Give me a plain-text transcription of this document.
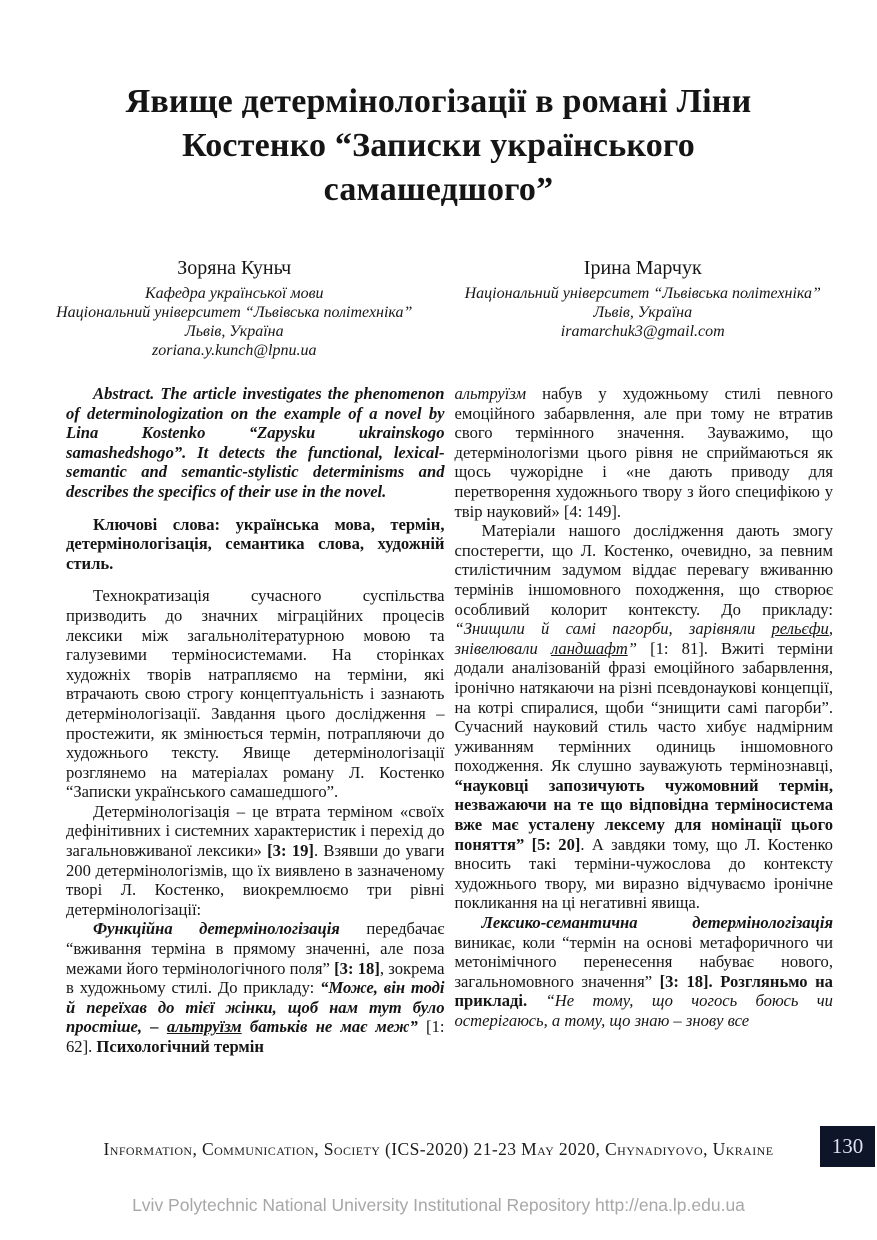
Явище детермінологізації в романі Ліни
Костенко “Записки українського
самашедшого”
Зоряна Куньч
Кафедра української мови
Національний університет “Львівська політехніка”
Львів, Україна
zoriana.y.kunch@lpnu.ua
Ірина Марчук
Національний університет “Львівська політехніка”
Львів, Україна
iramarchuk3@gmail.com

Abstract. The article investigates the phenomenon of determinologization on the example of a novel by Lina Kostenko “Zapysku ukrainskogo samashedshogo”. It detects the functional, lexical-semantic and semantic-stylistic determinisms and describes the specifics of their use in the novel.

Ключові слова: українська мова, термін, детермінологізація, семантика слова, художній стиль.

Технократизація сучасного суспільства призводить до значних міграційних процесів лексики між загальнолітературною мовою та галузевими терміносистемами. На сторінках художніх творів натрапляємо на терміни, які втрачають свою строгу концептуальність і зазнають детермінологізації. Завдання цього дослідження – простежити, як змінюється термін, потрапляючи до художнього тексту. Явище детермінологізації розглянемо на матеріалах роману Л. Костенко “Записки українського самашедшого”.

Детермінологізація – це втрата терміном «своїх дефінітивних і системних характеристик і перехід до загальновживаної лексики» [3: 19]. Взявши до уваги 200 детермінологізмів, що їх виявлено в зазначеному творі Л. Костенко, виокремлюємо три рівні детермінологізації:

Функційна детермінологізація передбачає “вживання терміна в прямому значенні, але поза межами його термінологічного поля” [3: 18], зокрема в художньому стилі. До прикладу: “Може, він тоді й переїхав до тієї жінки, щоб нам тут було простіше, – альтруїзм батьків не має меж” [1: 62]. Психологічний термін

альтруїзм набув у художньому стилі певного емоційного забарвлення, але при тому не втратив свого термінного значення. Зауважимо, що детермінологізми цього рівня не сприймаються як щось чужорідне і «не дають приводу для перетворення художнього твору з його специфікою у твір науковий» [4: 149].

Матеріали нашого дослідження дають змогу спостерегти, що Л. Костенко, очевидно, за певним стилістичним задумом віддає перевагу вживанню термінів іншомовного походження, що створює особливий колорит контексту. До прикладу: “Знищили й самі пагорби, зарівняли рельєфи, знівелювали ландшафт” [1: 81]. Вжиті терміни додали аналізованій фразі емоційного забарвлення, іронічно натякаючи на різні псевдонаукові концепції, на котрі спиралися, щоби “знищити самі пагорби”. Сучасний науковий стиль часто хибує надмірним уживанням термінних одиниць іншомовного походження. Як слушно зауважують термінознавці, “науковці запозичують чужомовний термін, незважаючи на те що відповідна терміносистема вже має усталену лексему для номінації цього поняття” [5: 20]. А завдяки тому, що Л. Костенко вносить такі терміни-чужослова до контексту художнього твору, ми виразно відчуваємо іронічне покликання на ці негативні явища.

Лексико-семантична детермінологізація виникає, коли “термін на основі метафоричного чи метонімічного перенесення набуває нового, загальномовного значення” [3: 18]. Розгляньмо на прикладі. “Не тому, що чогось боюсь чи остерігаюсь, а тому, що знаю – знову все

Information, Communication, Society (ICS-2020) 21-23 May 2020, Chynadiyovo, Ukraine	130
Lviv Polytechnic National University Institutional Repository http://ena.lp.edu.ua
